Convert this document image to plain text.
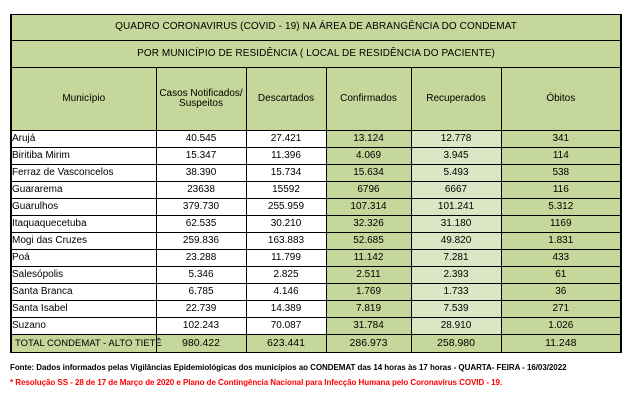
QUADRO CORONAVIRUS (COVID - 19) NA ÁREA DE ABRANGÊNCIA DO CONDEMAT					
POR MUNICÍPIO DE RESIDÊNCIA ( LOCAL DE RESIDÊNCIA DO PACIENTE)					
Município	Casos Notificados/ Suspeitos	Descartados	Confirmados	Recuperados	Óbitos
Arujá	40.545	27.421	13.124	12.778	341
Biritiba Mirim	15.347	11.396	4.069	3.945	114
Ferraz de Vasconcelos	38.390	15.734	15.634	5.493	538
Guararema	23638	15592	6796	6667	116
Guarulhos	379.730	255.959	107.314	101.241	5.312
Itaquaquecetuba	62.535	30.210	32.326	31.180	1169
Mogi das Cruzes	259.836	163.883	52.685	49.820	1.831
Poá	23.288	11.799	11.142	7.281	433
Salesópolis	5.346	2.825	2.511	2.393	61
Santa Branca	6.785	4.146	1.769	1.733	36
Santa Isabel	22.739	14.389	7.819	7.539	271
Suzano	102.243	70.087	31.784	28.910	1.026
TOTAL CONDEMAT - ALTO TIETÊ	980.422	623.441	286.973	258.980	11.248
Fonte: Dados informados pelas Vigilâncias Epidemiológicas dos municípios ao CONDEMAT das 14 horas às 17 horas - QUARTA- FEIRA - 16/03/2022
* Resolução SS - 28 de 17 de Março de 2020 e Plano de Contingência Nacional para Infecção Humana pelo Coronavírus COVID - 19.
